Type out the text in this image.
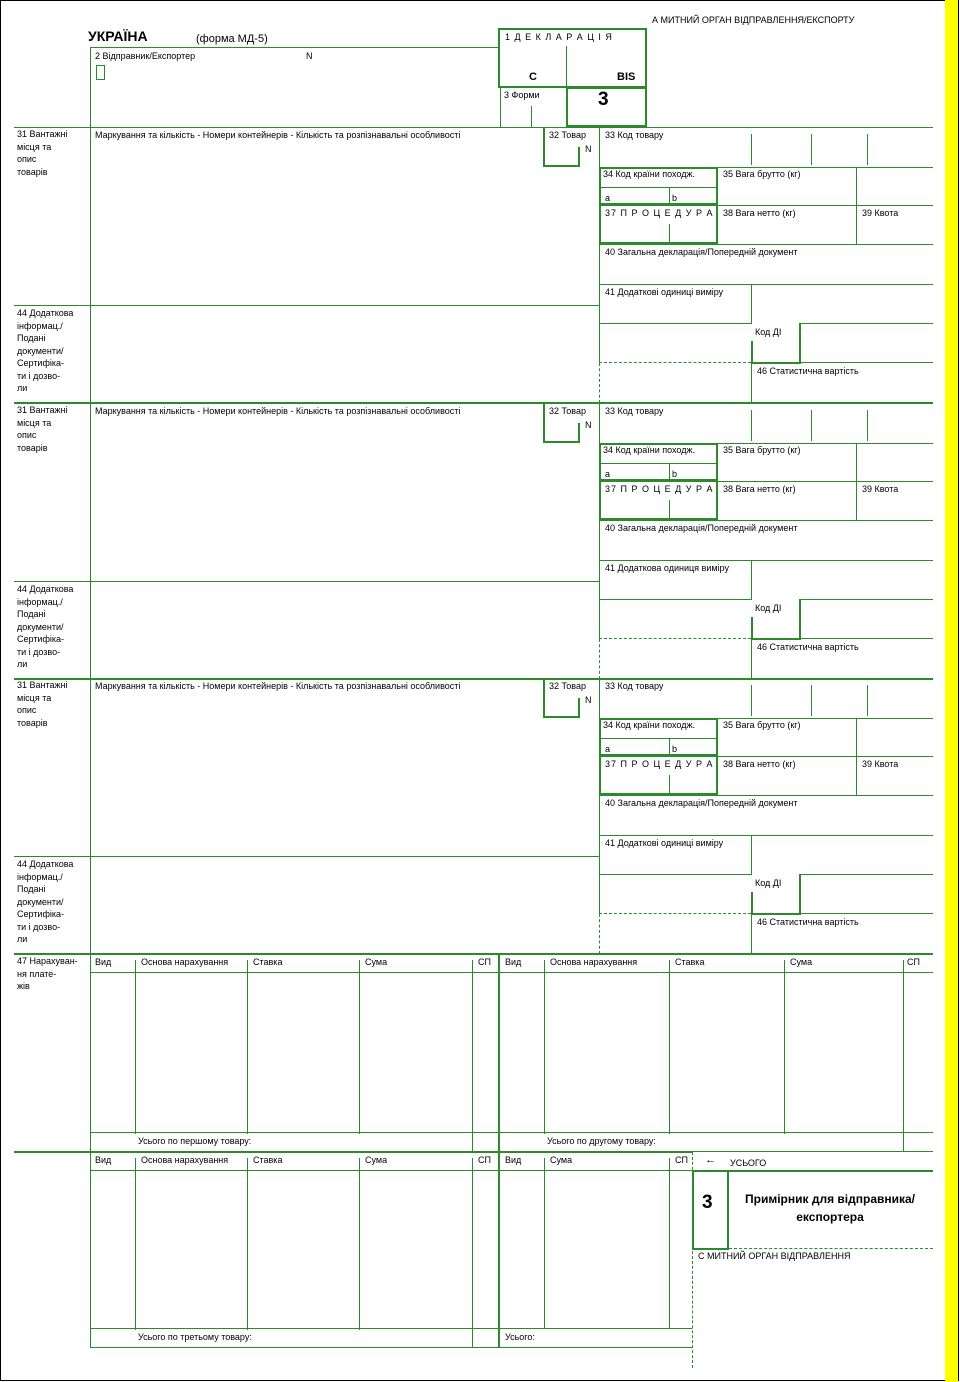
УКРАЇНА	(форма МД-5)
А МИТНИЙ ОРГАН ВІДПРАВЛЕННЯ/ЕКСПОРТУ
2 Відправник/Експортер	N
1 Д Е К Л А Р А Ц І Я
C	BIS
3 Форми	3
32 Товар
N
33 Код товару
34 Код країни походж.
a	b
35 Вага брутто (кг)
37 П Р О Ц Е Д У Р А 38 Вага нетто (кг)	39 Квота
40 Загальна декларація/Попередній документ
41 Додаткові одиниці виміру
Код ДІ
46 Статистична вартість
31 Вантажні
місця та
опис
товарів
Маркування та кількість - Номери контейнерів - Кількість та розпізнавальні особливості
44 Додаткова
інформац./
Подані
документи/
Сертифіка-
ти і дозво-
ли
32 Товар
N
33 Код товару
34 Код країни походж.
a	b
35 Вага брутто (кг)
37 П Р О Ц Е Д У Р А 38 Вага нетто (кг)	39 Квота
40 Загальна декларація/Попередній документ
41 Додаткова одиниця виміру
Код ДІ
46 Статистична вартість
31 Вантажні
місця та
опис
товарів
Маркування та кількість - Номери контейнерів - Кількість та розпізнавальні особливості
44 Додаткова
інформац./
Подані
документи/
Сертифіка-
ти і дозво-
ли
32 Товар
N
33 Код товару
34 Код країни походж.
a	b
35 Вага брутто (кг)
37 П Р О Ц Е Д У Р А 38 Вага нетто (кг)	39 Квота
40 Загальна декларація/Попередній документ
41 Додаткові одиниці виміру
Код ДІ
46 Статистична вартість
31 Вантажні
місця та
опис
товарів
Маркування та кількість - Номери контейнерів - Кількість та розпізнавальні особливості
44 Додаткова
інформац./
Подані
документи/
Сертифіка-
ти і дозво-
ли
47 Нарахуван-
ня плате-
жів
Вид	Основа нарахування	Ставка	Сума	СП
Усього по першому товару:
Вид	Основа нарахування	Ставка	Сума	СП
Усього по другому товару:
Вид	Основа нарахування	Ставка	Сума	СП
Усього по третьому товару:
Вид	Сума	СП
Усього:
← УСЬОГО
3	Примірник для відправника/експортера
С МИТНИЙ ОРГАН ВІДПРАВЛЕННЯ
